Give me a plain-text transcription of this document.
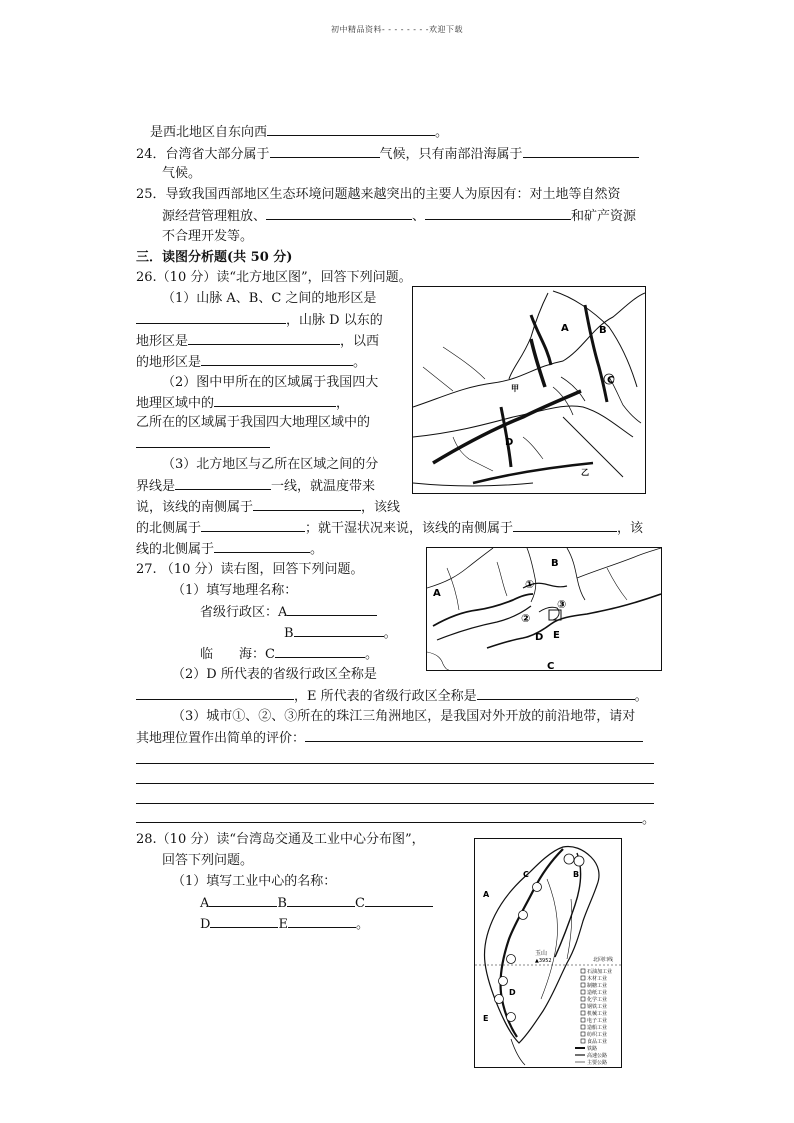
初中精品资料- - - - - - - -欢迎下载
是西北地区自东向西	。
24．台湾省大部分属于	气候，只有南部沿海属于
气候。
25．导致我国西部地区生态环境问题越来越突出的主要人为原因有：对土地等自然资
源经营管理粗放、	、	和矿产资源
不合理开发等。
三．读图分析题(共 50 分)
26.（10 分）读“北方地区图”，回答下列问题。
（1）山脉 A、B、C 之间的地形区是
，山脉 D 以东的
地形区是	，以西
的地形区是	。
（2）图中甲所在的区域属于我国四大
地理区域中的	，
乙所在的区域属于我国四大地理区域中的
（3）北方地区与乙所在区域之间的分
界线是	一线，就温度带来
说，该线的南侧属于	，该线
的北侧属于	；就干湿状况来说，该线的南侧属于	，该
线的北侧属于	。
A	B
C
D
甲
乙
27. （10 分）读右图，回答下列问题。
（1）填写地理名称：
省级行政区：A
B	。
临　　海：C	。
（2）D 所代表的省级行政区全称是
，E 所代表的省级行政区全称是	。
（3）城市①、②、③所在的珠江三角洲地区，是我国对外开放的前沿地带，请对
其地理位置作出简单的评价：
。
A
B
C
D E
①
②
③
28.（10 分）读“台湾岛交通及工业中心分布图”，
回答下列问题。
（1）填写工业中心的名称：
A	B	C
D	E	。
B
C
A
D
E
玉山
▲3952	北回归线
石油加工业
木材工业
制糖工业
造纸工业
化学工业
钢铁工业
机械工业
电子工业
造船工业
纺织工业
食品工业
铁路
高速公路
主要公路
